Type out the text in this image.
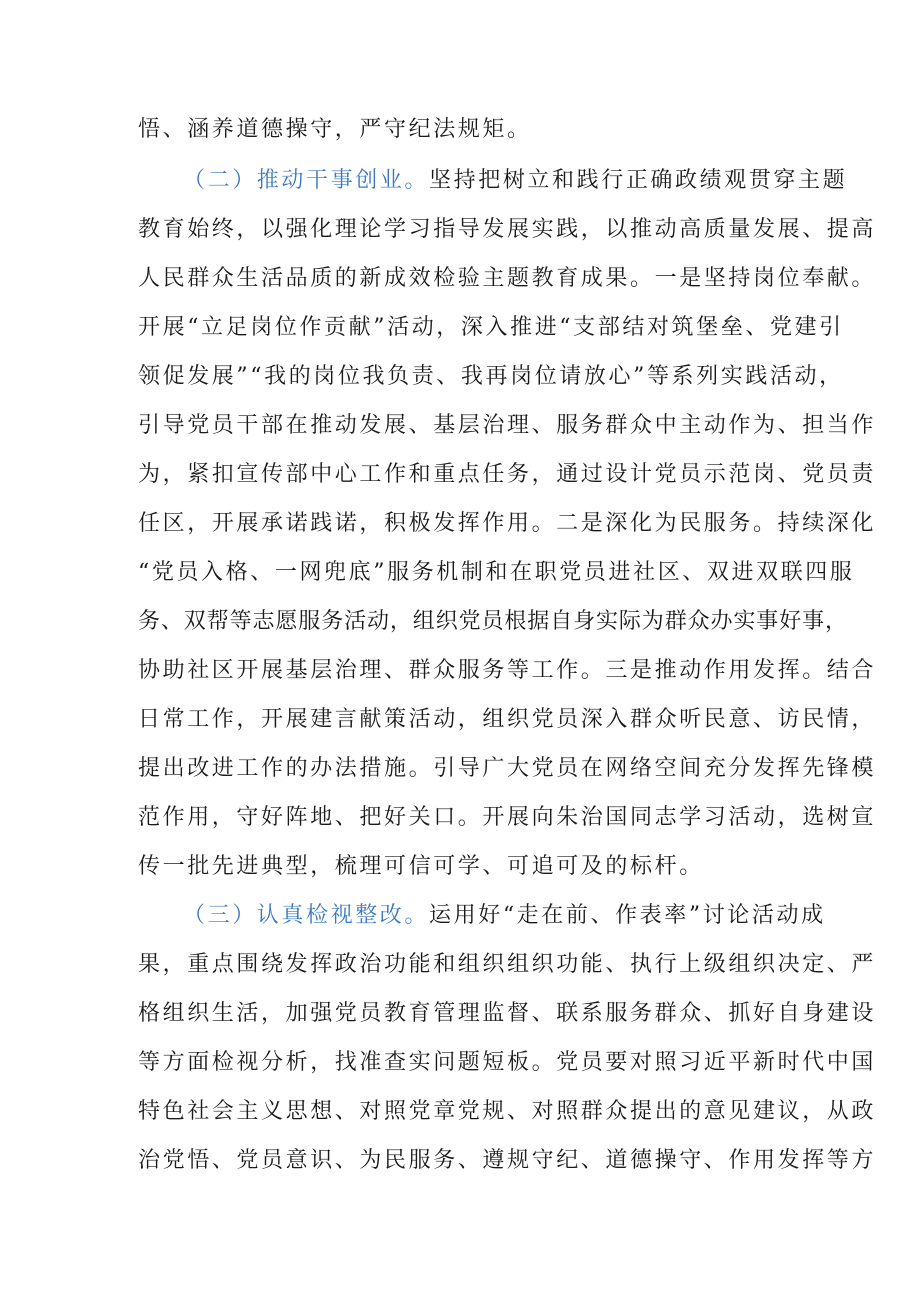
悟、涵养道德操守，严守纪法规矩。
（二）推动干事创业。坚持把树立和践行正确政绩观贯穿主题
教育始终，以强化理论学习指导发展实践，以推动高质量发展、提高
人民群众生活品质的新成效检验主题教育成果。一是坚持岗位奉献。
开展“立足岗位作贡献”活动，深入推进“支部结对筑堡垒、党建引
领促发展”“我的岗位我负责、我再岗位请放心”等系列实践活动，
引导党员干部在推动发展、基层治理、服务群众中主动作为、担当作
为，紧扣宣传部中心工作和重点任务，通过设计党员示范岗、党员责
任区，开展承诺践诺，积极发挥作用。二是深化为民服务。持续深化
“党员入格、一网兜底”服务机制和在职党员进社区、双进双联四服
务、双帮等志愿服务活动，组织党员根据自身实际为群众办实事好事，
协助社区开展基层治理、群众服务等工作。三是推动作用发挥。结合
日常工作，开展建言献策活动，组织党员深入群众听民意、访民情，
提出改进工作的办法措施。引导广大党员在网络空间充分发挥先锋模
范作用，守好阵地、把好关口。开展向朱治国同志学习活动，选树宣
传一批先进典型，梳理可信可学、可追可及的标杆。
（三）认真检视整改。运用好“走在前、作表率”讨论活动成
果，重点围绕发挥政治功能和组织组织功能、执行上级组织决定、严
格组织生活，加强党员教育管理监督、联系服务群众、抓好自身建设
等方面检视分析，找准查实问题短板。党员要对照习近平新时代中国
特色社会主义思想、对照党章党规、对照群众提出的意见建议，从政
治党悟、党员意识、为民服务、遵规守纪、道德操守、作用发挥等方
